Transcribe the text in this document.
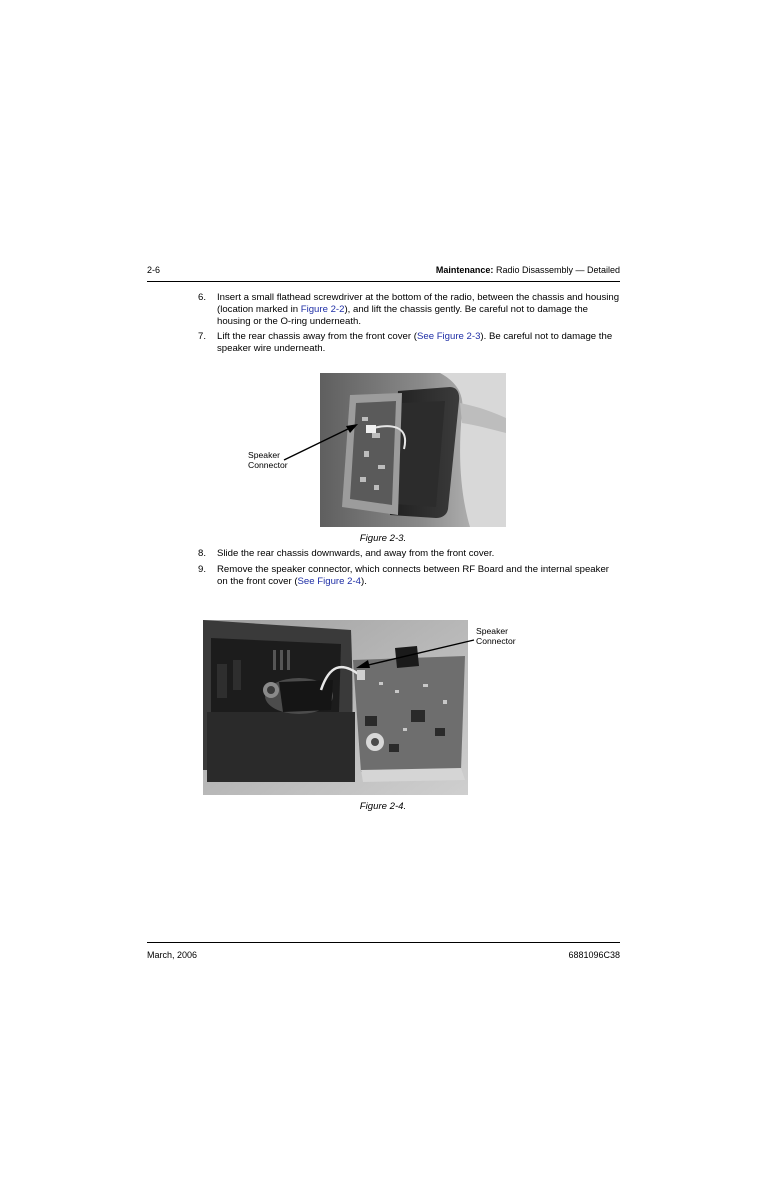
2-6	Maintenance: Radio Disassembly — Detailed
6. Insert a small flathead screwdriver at the bottom of the radio, between the chassis and housing (location marked in Figure 2-2), and lift the chassis gently. Be careful not to damage the housing or the O-ring underneath.
7. Lift the rear chassis away from the front cover (See Figure 2-3). Be careful not to damage the speaker wire underneath.
Speaker
Connector
Figure 2-3.
8. Slide the rear chassis downwards, and away from the front cover.
9. Remove the speaker connector, which connects between RF Board and the internal speaker on the front cover (See Figure 2-4).
Speaker
Connector
Figure 2-4.
March, 2006	6881096C38
